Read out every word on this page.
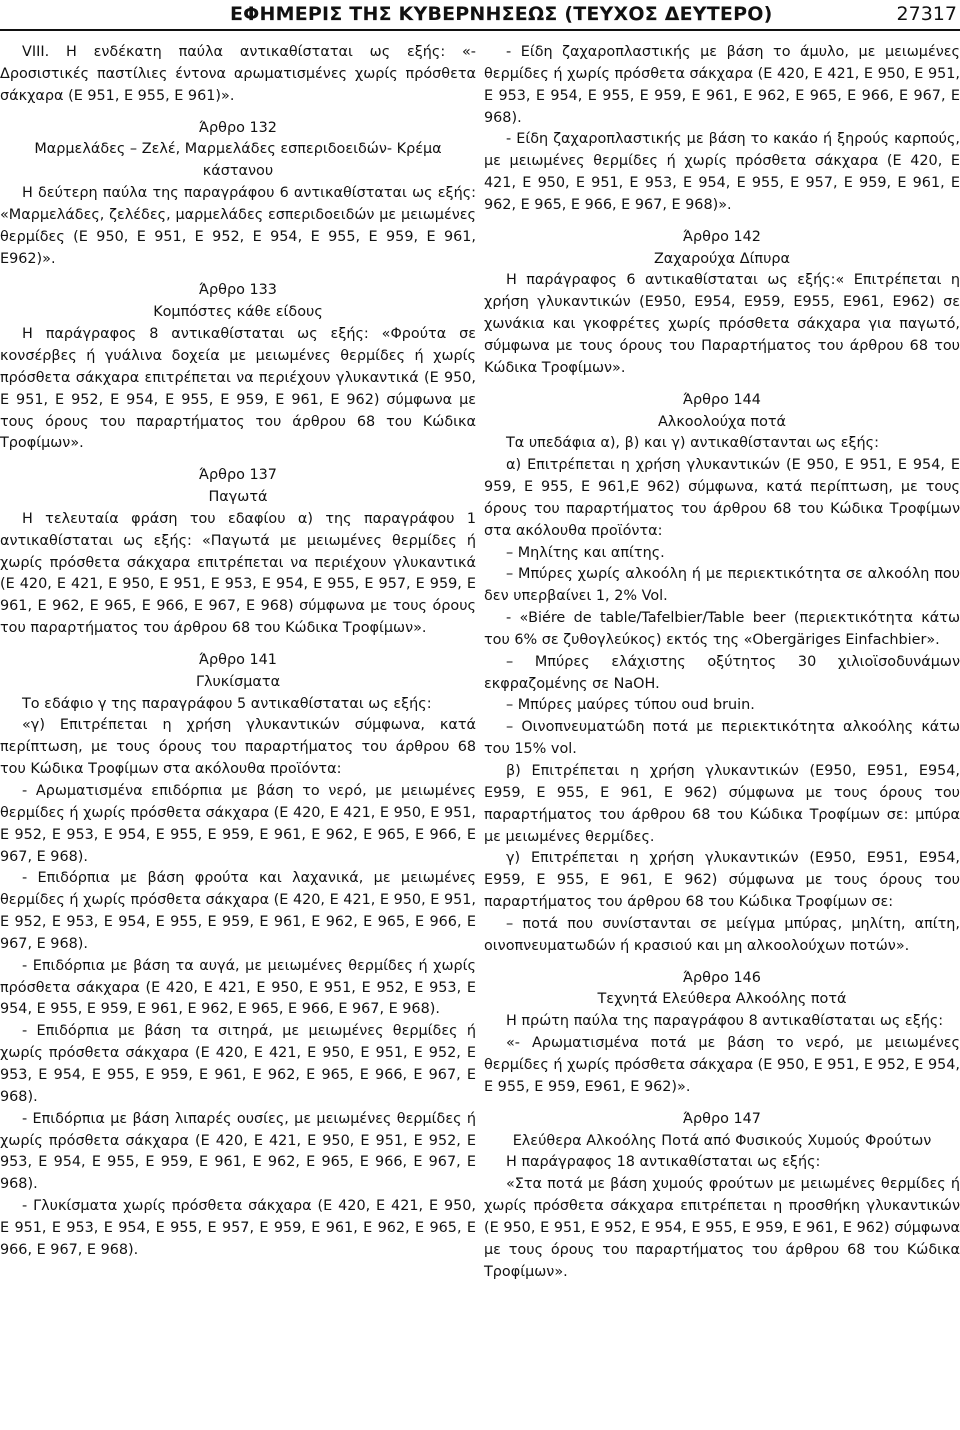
ΕΦΗΜΕΡΙΣ ΤΗΣ ΚΥΒΕΡΝΗΣΕΩΣ (ΤΕΥΧΟΣ ΔΕΥΤΕΡΟ)	27317

VIII. Η ενδέκατη παύλα αντικαθίσταται ως εξής: «‐ Δροσιστικές παστίλιες έντονα αρωματισμένες χωρίς πρόσθετα σάκχαρα (Ε 951, Ε 955, Ε 961)».

Άρθρο 132

Μαρμελάδες – Ζελέ, Μαρμελάδες εσπεριδοειδών‐ Κρέμα κάστανου

Η δεύτερη παύλα της παραγράφου 6 αντικαθίσταται ως εξής: «Μαρμελάδες, ζελέδες, μαρμελάδες εσπεριδοειδών με μειωμένες θερμίδες (Ε 950, Ε 951, Ε 952, Ε 954, Ε 955, Ε 959, Ε 961, Ε962)».

Άρθρο 133

Κομπόστες κάθε είδους

Η παράγραφος 8 αντικαθίσταται ως εξής: «Φρούτα σε κονσέρβες ή γυάλινα δοχεία με μειωμένες θερμίδες ή χωρίς πρόσθετα σάκχαρα επιτρέπεται να περιέχουν γλυκαντικά (Ε 950, Ε 951, Ε 952, Ε 954, Ε 955, Ε 959, Ε 961, Ε 962) σύμφωνα με τους όρους του παραρτήματος του άρθρου 68 του Κώδικα Τροφίμων».

Άρθρο 137

Παγωτά

Η τελευταία φράση του εδαφίου α) της παραγράφου 1 αντικαθίσταται ως εξής: «Παγωτά με μειωμένες θερμίδες ή χωρίς πρόσθετα σάκχαρα επιτρέπεται να περιέχουν γλυκαντικά (Ε 420, Ε 421, Ε 950, Ε 951, Ε 953, Ε 954, Ε 955, Ε 957, Ε 959, Ε 961, Ε 962, Ε 965, Ε 966, Ε 967, Ε 968) σύμφωνα με τους όρους του παραρτήματος του άρθρου 68 του Κώδικα Τροφίμων».

Άρθρο 141

Γλυκίσματα

Το εδάφιο γ της παραγράφου 5 αντικαθίσταται ως εξής:

«γ) Επιτρέπεται η χρήση γλυκαντικών σύμφωνα, κατά περίπτωση, με τους όρους του παραρτήματος του άρθρου 68 του Κώδικα Τροφίμων στα ακόλουθα προϊόντα:

‐ Αρωματισμένα επιδόρπια με βάση το νερό, με μειωμένες θερμίδες ή χωρίς πρόσθετα σάκχαρα (Ε 420, Ε 421, Ε 950, Ε 951, Ε 952, Ε 953, Ε 954, Ε 955, Ε 959, Ε 961, Ε 962, Ε 965, Ε 966, Ε 967, Ε 968).

‐ Επιδόρπια με βάση φρούτα και λαχανικά, με μειωμένες θερμίδες ή χωρίς πρόσθετα σάκχαρα (Ε 420, Ε 421, Ε 950, Ε 951, Ε 952, Ε 953, Ε 954, Ε 955, Ε 959, Ε 961, Ε 962, Ε 965, Ε 966, Ε 967, Ε 968).

‐ Επιδόρπια με βάση τα αυγά, με μειωμένες θερμίδες ή χωρίς πρόσθετα σάκχαρα (Ε 420, Ε 421, Ε 950, Ε 951, Ε 952, Ε 953, Ε 954, Ε 955, Ε 959, Ε 961, Ε 962, Ε 965, Ε 966, Ε 967, Ε 968).

‐ Επιδόρπια με βάση τα σιτηρά, με μειωμένες θερμίδες ή χωρίς πρόσθετα σάκχαρα (Ε 420, Ε 421, Ε 950, Ε 951, Ε 952, Ε 953, Ε 954, Ε 955, Ε 959, Ε 961, Ε 962, Ε 965, Ε 966, Ε 967, Ε 968).

‐ Επιδόρπια με βάση λιπαρές ουσίες, με μειωμένες θερμίδες ή χωρίς πρόσθετα σάκχαρα (Ε 420, Ε 421, Ε 950, Ε 951, Ε 952, Ε 953, Ε 954, Ε 955, Ε 959, Ε 961, Ε 962, Ε 965, Ε 966, Ε 967, Ε 968).

‐ Γλυκίσματα χωρίς πρόσθετα σάκχαρα (Ε 420, Ε 421, Ε 950, Ε 951, Ε 953, Ε 954, Ε 955, Ε 957, Ε 959, Ε 961, Ε 962, Ε 965, Ε 966, Ε 967, Ε 968).

‐ Είδη ζαχαροπλαστικής με βάση το άμυλο, με μειωμένες θερμίδες ή χωρίς πρόσθετα σάκχαρα (Ε 420, Ε 421, Ε 950, Ε 951, Ε 953, Ε 954, Ε 955, Ε 959, Ε 961, Ε 962, Ε 965, Ε 966, Ε 967, Ε 968).

‐ Είδη ζαχαροπλαστικής με βάση το κακάο ή ξηρούς καρπούς, με μειωμένες θερμίδες ή χωρίς πρόσθετα σάκχαρα (Ε 420, Ε 421, Ε 950, Ε 951, Ε 953, Ε 954, Ε 955, Ε 957, Ε 959, Ε 961, Ε 962, Ε 965, Ε 966, Ε 967, Ε 968)».

Άρθρο 142

Ζαχαρούχα Δίπυρα

Η παράγραφος 6 αντικαθίσταται ως εξής:« Επιτρέπεται η χρήση γλυκαντικών (Ε950, Ε954, Ε959, Ε955, Ε961, Ε962) σε χωνάκια και γκοφρέτες χωρίς πρόσθετα σάκχαρα για παγωτό, σύμφωνα με τους όρους του Παραρτήματος του άρθρου 68 του Κώδικα Τροφίμων».

Άρθρο 144

Αλκοολούχα ποτά

Τα υπεδάφια α), β) και γ) αντικαθίστανται ως εξής:

α) Επιτρέπεται η χρήση γλυκαντικών (Ε 950, Ε 951, Ε 954, Ε 959, Ε 955, Ε 961,Ε 962) σύμφωνα, κατά περίπτωση, με τους όρους του παραρτήματος του άρθρου 68 του Κώδικα Τροφίμων στα ακόλουθα προϊόντα:

– Μηλίτης και απίτης.

– Μπύρες χωρίς αλκοόλη ή με περιεκτικότητα σε αλκοόλη που δεν υπερβαίνει 1, 2% Vol.

‐ «Biére de table/Tafelbier/Table beer (περιεκτικότητα κάτω του 6% σε ζυθογλεύκος) εκτός της «Obergäriges Einfachbier».

– Μπύρες ελάχιστης οξύτητος 30 χιλιοϊσοδυνάμων εκφραζομένης σε NaOH.

– Μπύρες μαύρες τύπου oud bruin.

– Οινοπνευματώδη ποτά με περιεκτικότητα αλκοόλης κάτω του 15% vol.

β) Επιτρέπεται η χρήση γλυκαντικών (Ε950, Ε951, Ε954, Ε959, Ε 955, Ε 961, Ε 962) σύμφωνα με τους όρους του παραρτήματος του άρθρου 68 του Κώδικα Τροφίμων σε: μπύρα με μειωμένες θερμίδες.

γ) Επιτρέπεται η χρήση γλυκαντικών (Ε950, Ε951, Ε954, Ε959, Ε 955, Ε 961, Ε 962) σύμφωνα με τους όρους του παραρτήματος του άρθρου 68 του Κώδικα Τροφίμων σε:

– ποτά που συνίστανται σε μείγμα μπύρας, μηλίτη, απίτη, οινοπνευματωδών ή κρασιού και μη αλκοολούχων ποτών».

Άρθρο 146

Τεχνητά Ελεύθερα Αλκοόλης ποτά

Η πρώτη παύλα της παραγράφου 8 αντικαθίσταται ως εξής:

«‐ Αρωματισμένα ποτά με βάση το νερό, με μειωμένες θερμίδες ή χωρίς πρόσθετα σάκχαρα (Ε 950, Ε 951, Ε 952, Ε 954, Ε 955, Ε 959, Ε961, Ε 962)».

Άρθρο 147

Ελεύθερα Αλκοόλης Ποτά από Φυσικούς Χυμούς Φρούτων

Η παράγραφος 18 αντικαθίσταται ως εξής:

«Στα ποτά με βάση χυμούς φρούτων με μειωμένες θερμίδες ή χωρίς πρόσθετα σάκχαρα επιτρέπεται η προσθήκη γλυκαντικών (Ε 950, Ε 951, Ε 952, Ε 954, Ε 955, Ε 959, Ε 961, Ε 962) σύμφωνα με τους όρους του παραρτήματος του άρθρου 68 του Κώδικα Τροφίμων».
